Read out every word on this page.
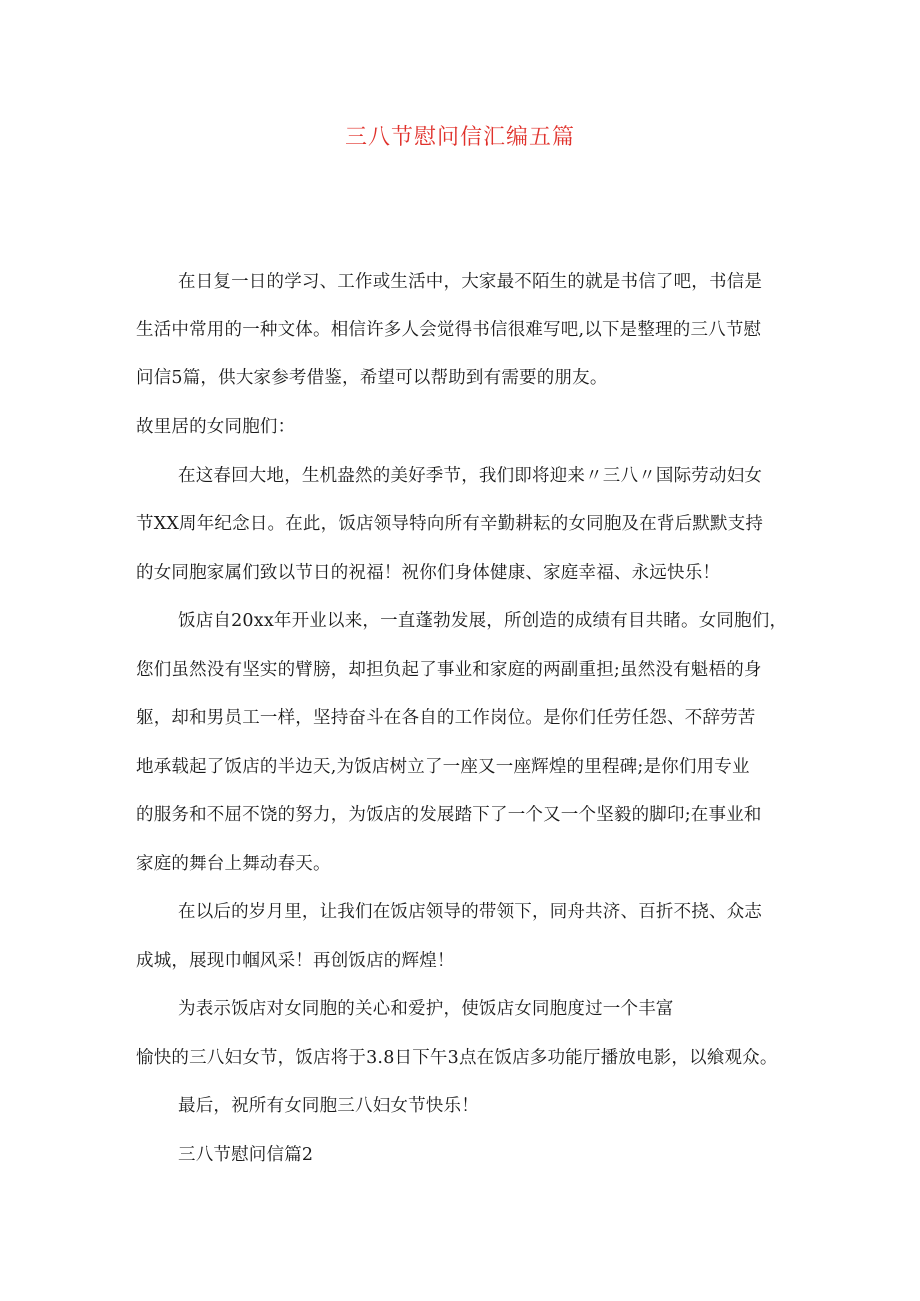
三八节慰问信汇编五篇

在日复一日的学习、工作或生活中，大家最不陌生的就是书信了吧，书信是

生活中常用的一种文体。相信许多人会觉得书信很难写吧,以下是整理的三八节慰

问信5篇，供大家参考借鉴，希望可以帮助到有需要的朋友。

故里居的女同胞们：

在这春回大地，生机盎然的美好季节，我们即将迎来〃三八〃国际劳动妇女

节XX周年纪念日。在此，饭店领导特向所有辛勤耕耘的女同胞及在背后默默支持

的女同胞家属们致以节日的祝福！祝你们身体健康、家庭幸福、永远快乐！

饭店自20xx年开业以来，一直蓬勃发展，所创造的成绩有目共睹。女同胞们，

您们虽然没有坚实的臂膀，却担负起了事业和家庭的两副重担;虽然没有魁梧的身

躯，却和男员工一样，坚持奋斗在各自的工作岗位。是你们任劳任怨、不辞劳苦

地承载起了饭店的半边天,为饭店树立了一座又一座辉煌的里程碑;是你们用专业

的服务和不屈不饶的努力，为饭店的发展踏下了一个又一个坚毅的脚印;在事业和

家庭的舞台上舞动春天。

在以后的岁月里，让我们在饭店领导的带领下，同舟共济、百折不挠、众志

成城，展现巾帼风采！再创饭店的辉煌！

为表示饭店对女同胞的关心和爱护，使饭店女同胞度过一个丰富

愉快的三八妇女节，饭店将于3.8日下午3点在饭店多功能厅播放电影，以飨观众。

最后，祝所有女同胞三八妇女节快乐！

三八节慰问信篇2
